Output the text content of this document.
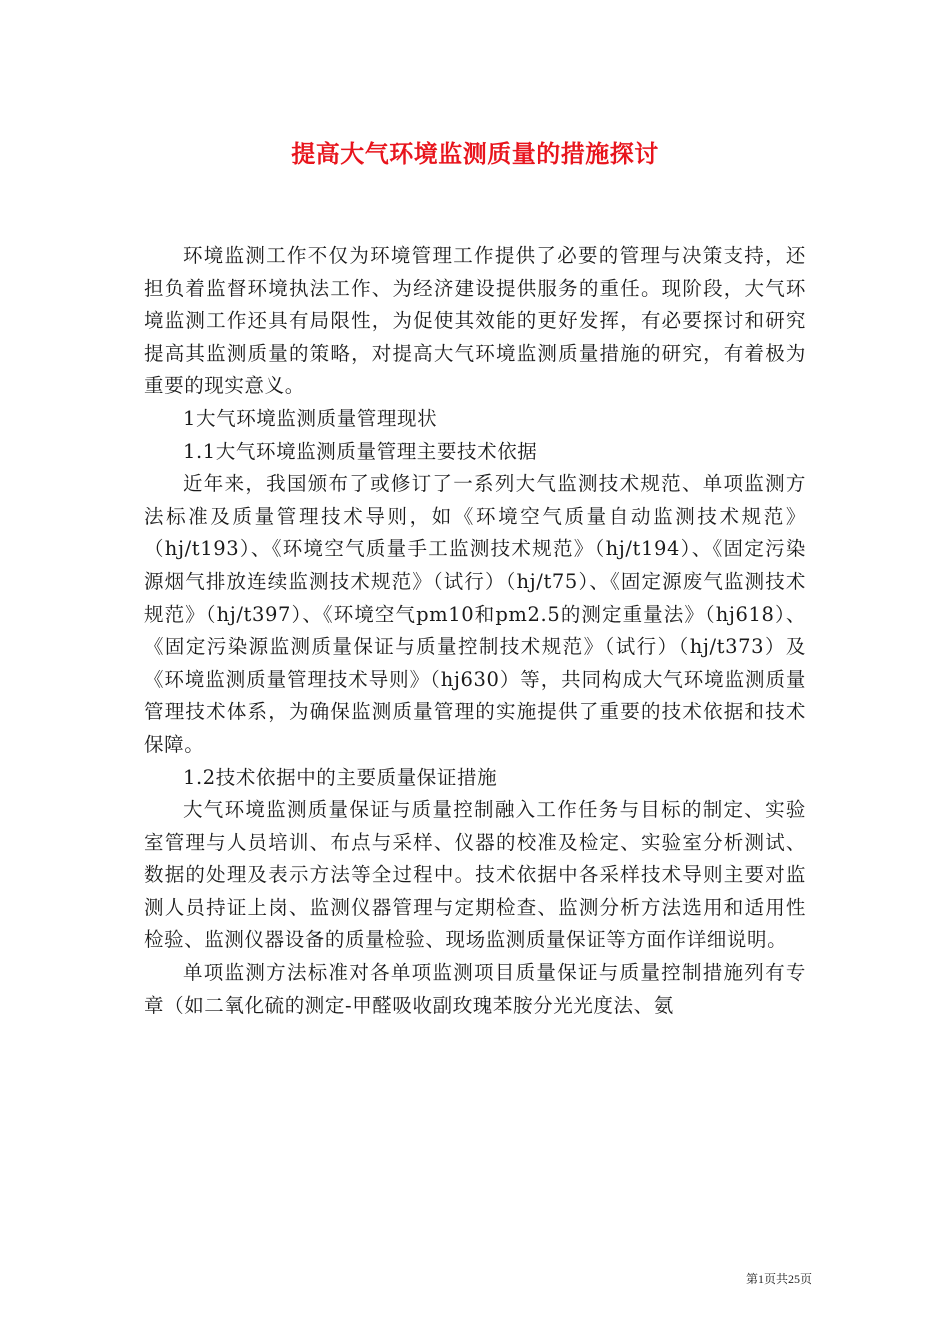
提高大气环境监测质量的措施探讨

环境监测工作不仅为环境管理工作提供了必要的管理与决策支持，还担负着监督环境执法工作、为经济建设提供服务的重任。现阶段，大气环境监测工作还具有局限性，为促使其效能的更好发挥，有必要探讨和研究提高其监测质量的策略，对提高大气环境监测质量措施的研究，有着极为重要的现实意义。

1大气环境监测质量管理现状

1.1大气环境监测质量管理主要技术依据

近年来，我国颁布了或修订了一系列大气监测技术规范、单项监测方法标准及质量管理技术导则，如《环境空气质量自动监测技术规范》（hj/t193）、《环境空气质量手工监测技术规范》（hj/t194）、《固定污染源烟气排放连续监测技术规范》（试行）（hj/t75）、《固定源废气监测技术规范》（hj/t397）、《环境空气pm10和pm2.5的测定重量法》（hj618）、《固定污染源监测质量保证与质量控制技术规范》（试行）（hj/t373）及《环境监测质量管理技术导则》（hj630）等，共同构成大气环境监测质量管理技术体系，为确保监测质量管理的实施提供了重要的技术依据和技术保障。

1.2技术依据中的主要质量保证措施

大气环境监测质量保证与质量控制融入工作任务与目标的制定、实验室管理与人员培训、布点与采样、仪器的校准及检定、实验室分析测试、数据的处理及表示方法等全过程中。技术依据中各采样技术导则主要对监测人员持证上岗、监测仪器管理与定期检查、监测分析方法选用和适用性检验、监测仪器设备的质量检验、现场监测质量保证等方面作详细说明。

单项监测方法标准对各单项监测项目质量保证与质量控制措施列有专章（如二氧化硫的测定-甲醛吸收副玫瑰苯胺分光光度法、氨

第1页共25页
